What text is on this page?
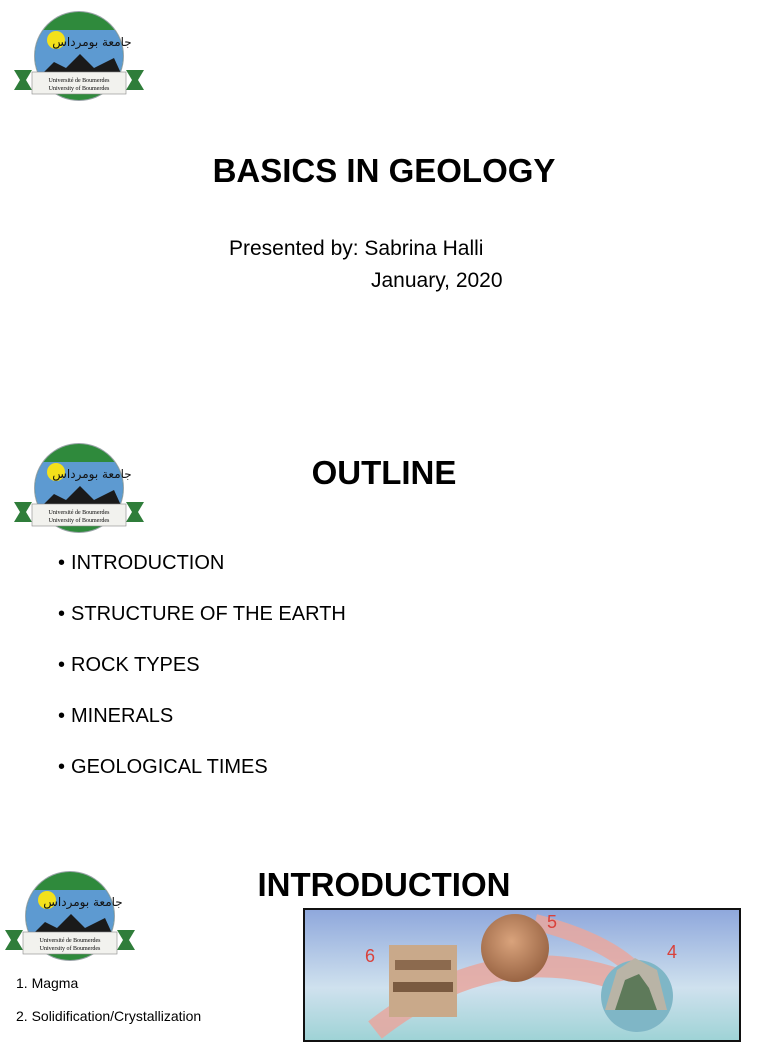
جامعة بومرداس
Université de Boumerdes
University of Boumerdes
BASICS IN GEOLOGY
Presented by: Sabrina Halli
January, 2020
جامعة بومرداس
Université de Boumerdes
University of Boumerdes
OUTLINE
• INTRODUCTION
• STRUCTURE OF THE EARTH
• ROCK TYPES
• MINERALS
• GEOLOGICAL TIMES
جامعة بومرداس
Université de Boumerdes
University of Boumerdes
INTRODUCTION
1. Magma
2. Solidification/Crystallization
6
5
4
